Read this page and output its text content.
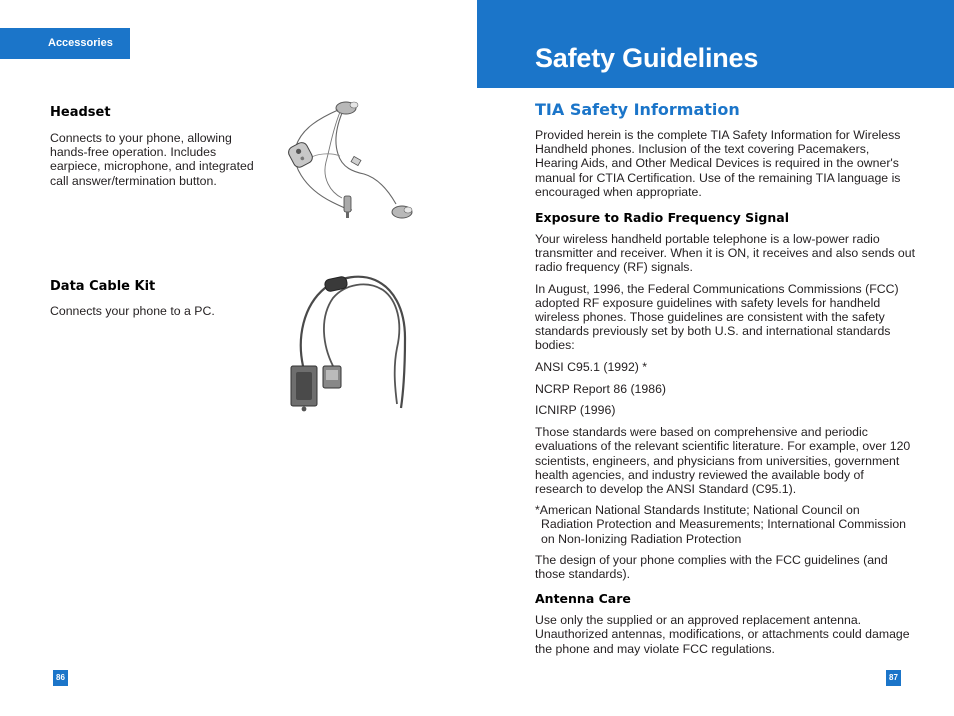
Accessories
Headset

Connects to your phone, allowing hands-free operation. Includes earpiece, microphone, and integrated call answer/termination button.

Data Cable Kit

Connects your phone to a PC.

86
Safety Guidelines
TIA Safety Information

Provided herein is the complete TIA Safety Information for Wireless Handheld phones. Inclusion of the text covering Pacemakers, Hearing Aids, and Other Medical Devices is required in the owner's manual for CTIA Certification. Use of the remaining TIA language is encouraged when appropriate.

Exposure to Radio Frequency Signal

Your wireless handheld portable telephone is a low-power radio transmitter and receiver. When it is ON, it receives and also sends out radio frequency (RF) signals.

In August, 1996, the Federal Communications Commissions (FCC) adopted RF exposure guidelines with safety levels for handheld wireless phones. Those guidelines are consistent with the safety standards previously set by both U.S. and international standards bodies:

ANSI C95.1 (1992) *

NCRP Report 86 (1986)

ICNIRP (1996)

Those standards were based on comprehensive and periodic evaluations of the relevant scientific literature. For example, over 120 scientists, engineers, and physicians from universities, government health agencies, and industry reviewed the available body of research to develop the ANSI Standard (C95.1).

*American National Standards Institute; National Council on Radiation Protection and Measurements; International Commission on Non-Ionizing Radiation Protection

The design of your phone complies with the FCC guidelines (and those standards).

Antenna Care

Use only the supplied or an approved replacement antenna. Unauthorized antennas, modifications, or attachments could damage the phone and may violate FCC regulations.

87
